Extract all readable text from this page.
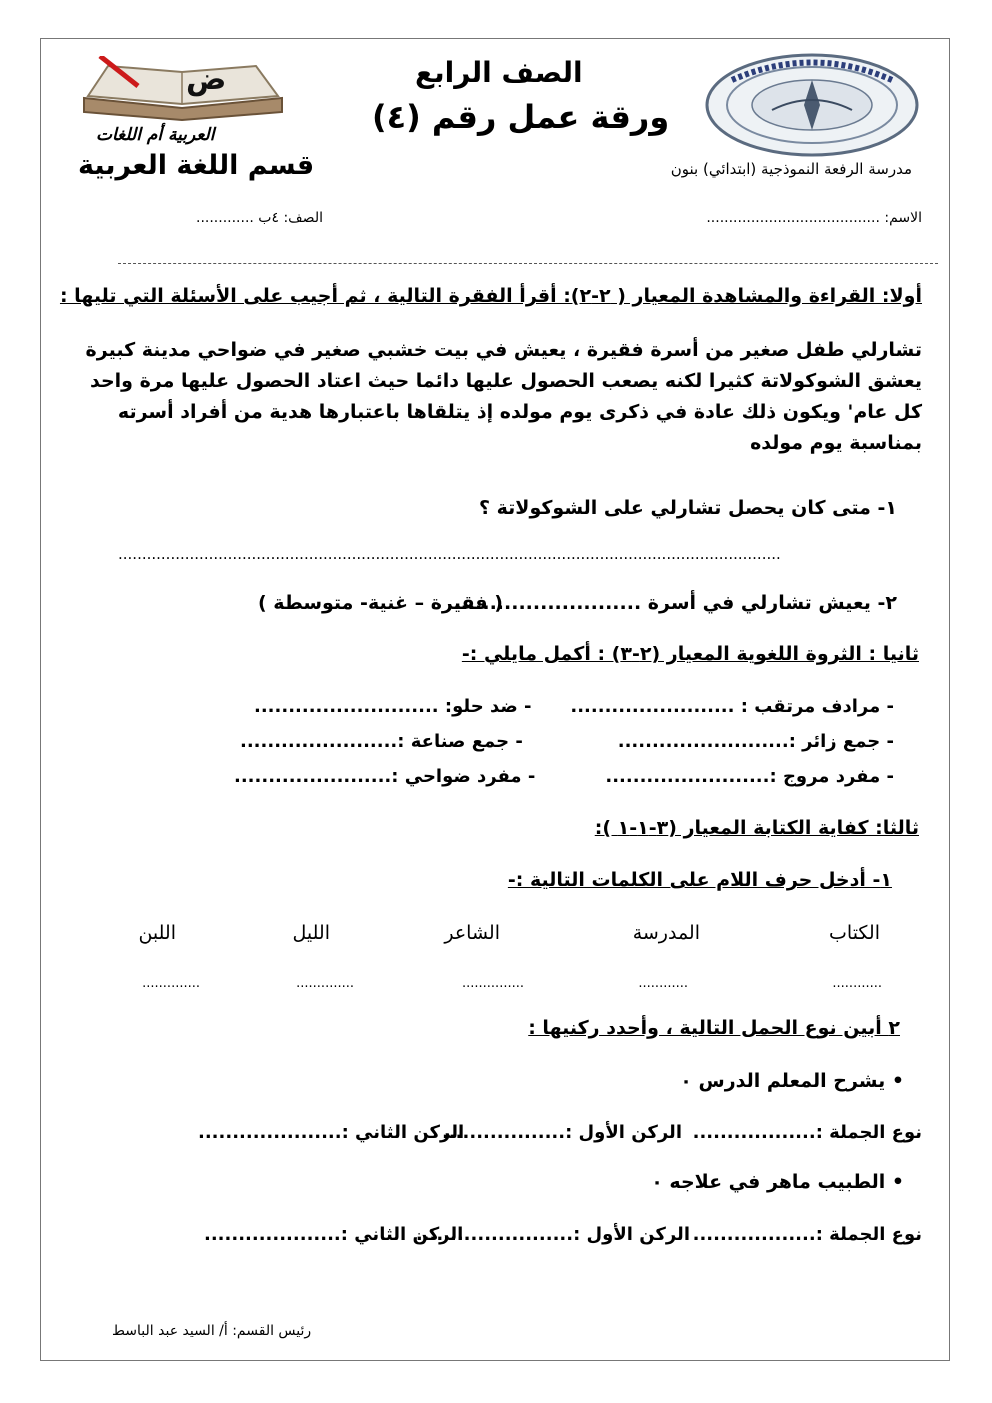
ض
العربية أم اللغات
قسم اللغة العربية
الصف الرابع
ورقة عمل رقم (٤)
مدرسة الرفعة النموذجية (ابتدائي) بنون
الاسم: .......................................
الصف: ٤ب .............
أولا: القراءة والمشاهدة المعيار ( ٢-٢): أقرأ الفقرة التالية ، ثم أجيب على الأسئلة التي تليها :
تشارلي طفل صغير من أسرة فقيرة ، يعيش في بيت خشبي صغير في ضواحي مدينة كبيرة
يعشق الشوكولاتة كثيرا لكنه يصعب الحصول عليها دائما حيث اعتاد الحصول عليها مرة واحد
كل عام' ويكون ذلك عادة في ذكرى يوم مولده إذ يتلقاها باعتبارها هدية من أفراد أسرته
بمناسبة يوم مولده
١- متى كان يحصل تشارلي على الشوكولاتة ؟
...........................................................................................................................................
٢- يعيش تشارلي في أسرة ..........................
( فقيرة – غنية- متوسطة )
ثانيا : الثروة اللغوية المعيار (٢-٣) : أكمل مايلي :-
- مرادف مرتقب : ........................
- جمع زائر :.........................
- مفرد مروج :........................
- ضد حلو: ...........................
- جمع صناعة :.......................
- مفرد ضواحي :.......................
ثالثا: كفاية الكتابة المعيار (٣-١-١ ):
١- أدخل حرف اللام على الكلمات التالية :-
الكتاب
المدرسة
الشاعر
الليل
اللبن
............
............
...............
..............
..............
٢ أبين نوع الحمل التالية ، وأحدد ركنيها :
• يشرح المعلم الدرس ٠
نوع الجملة :..................
الركن الأول :..................
الركن الثاني :.....................
• الطبيب ماهر في علاجه ٠
نوع الجملة :..................
الركن الأول :.......................
الركن الثاني :....................
رئيس القسم: أ/ السيد عبد الباسط
